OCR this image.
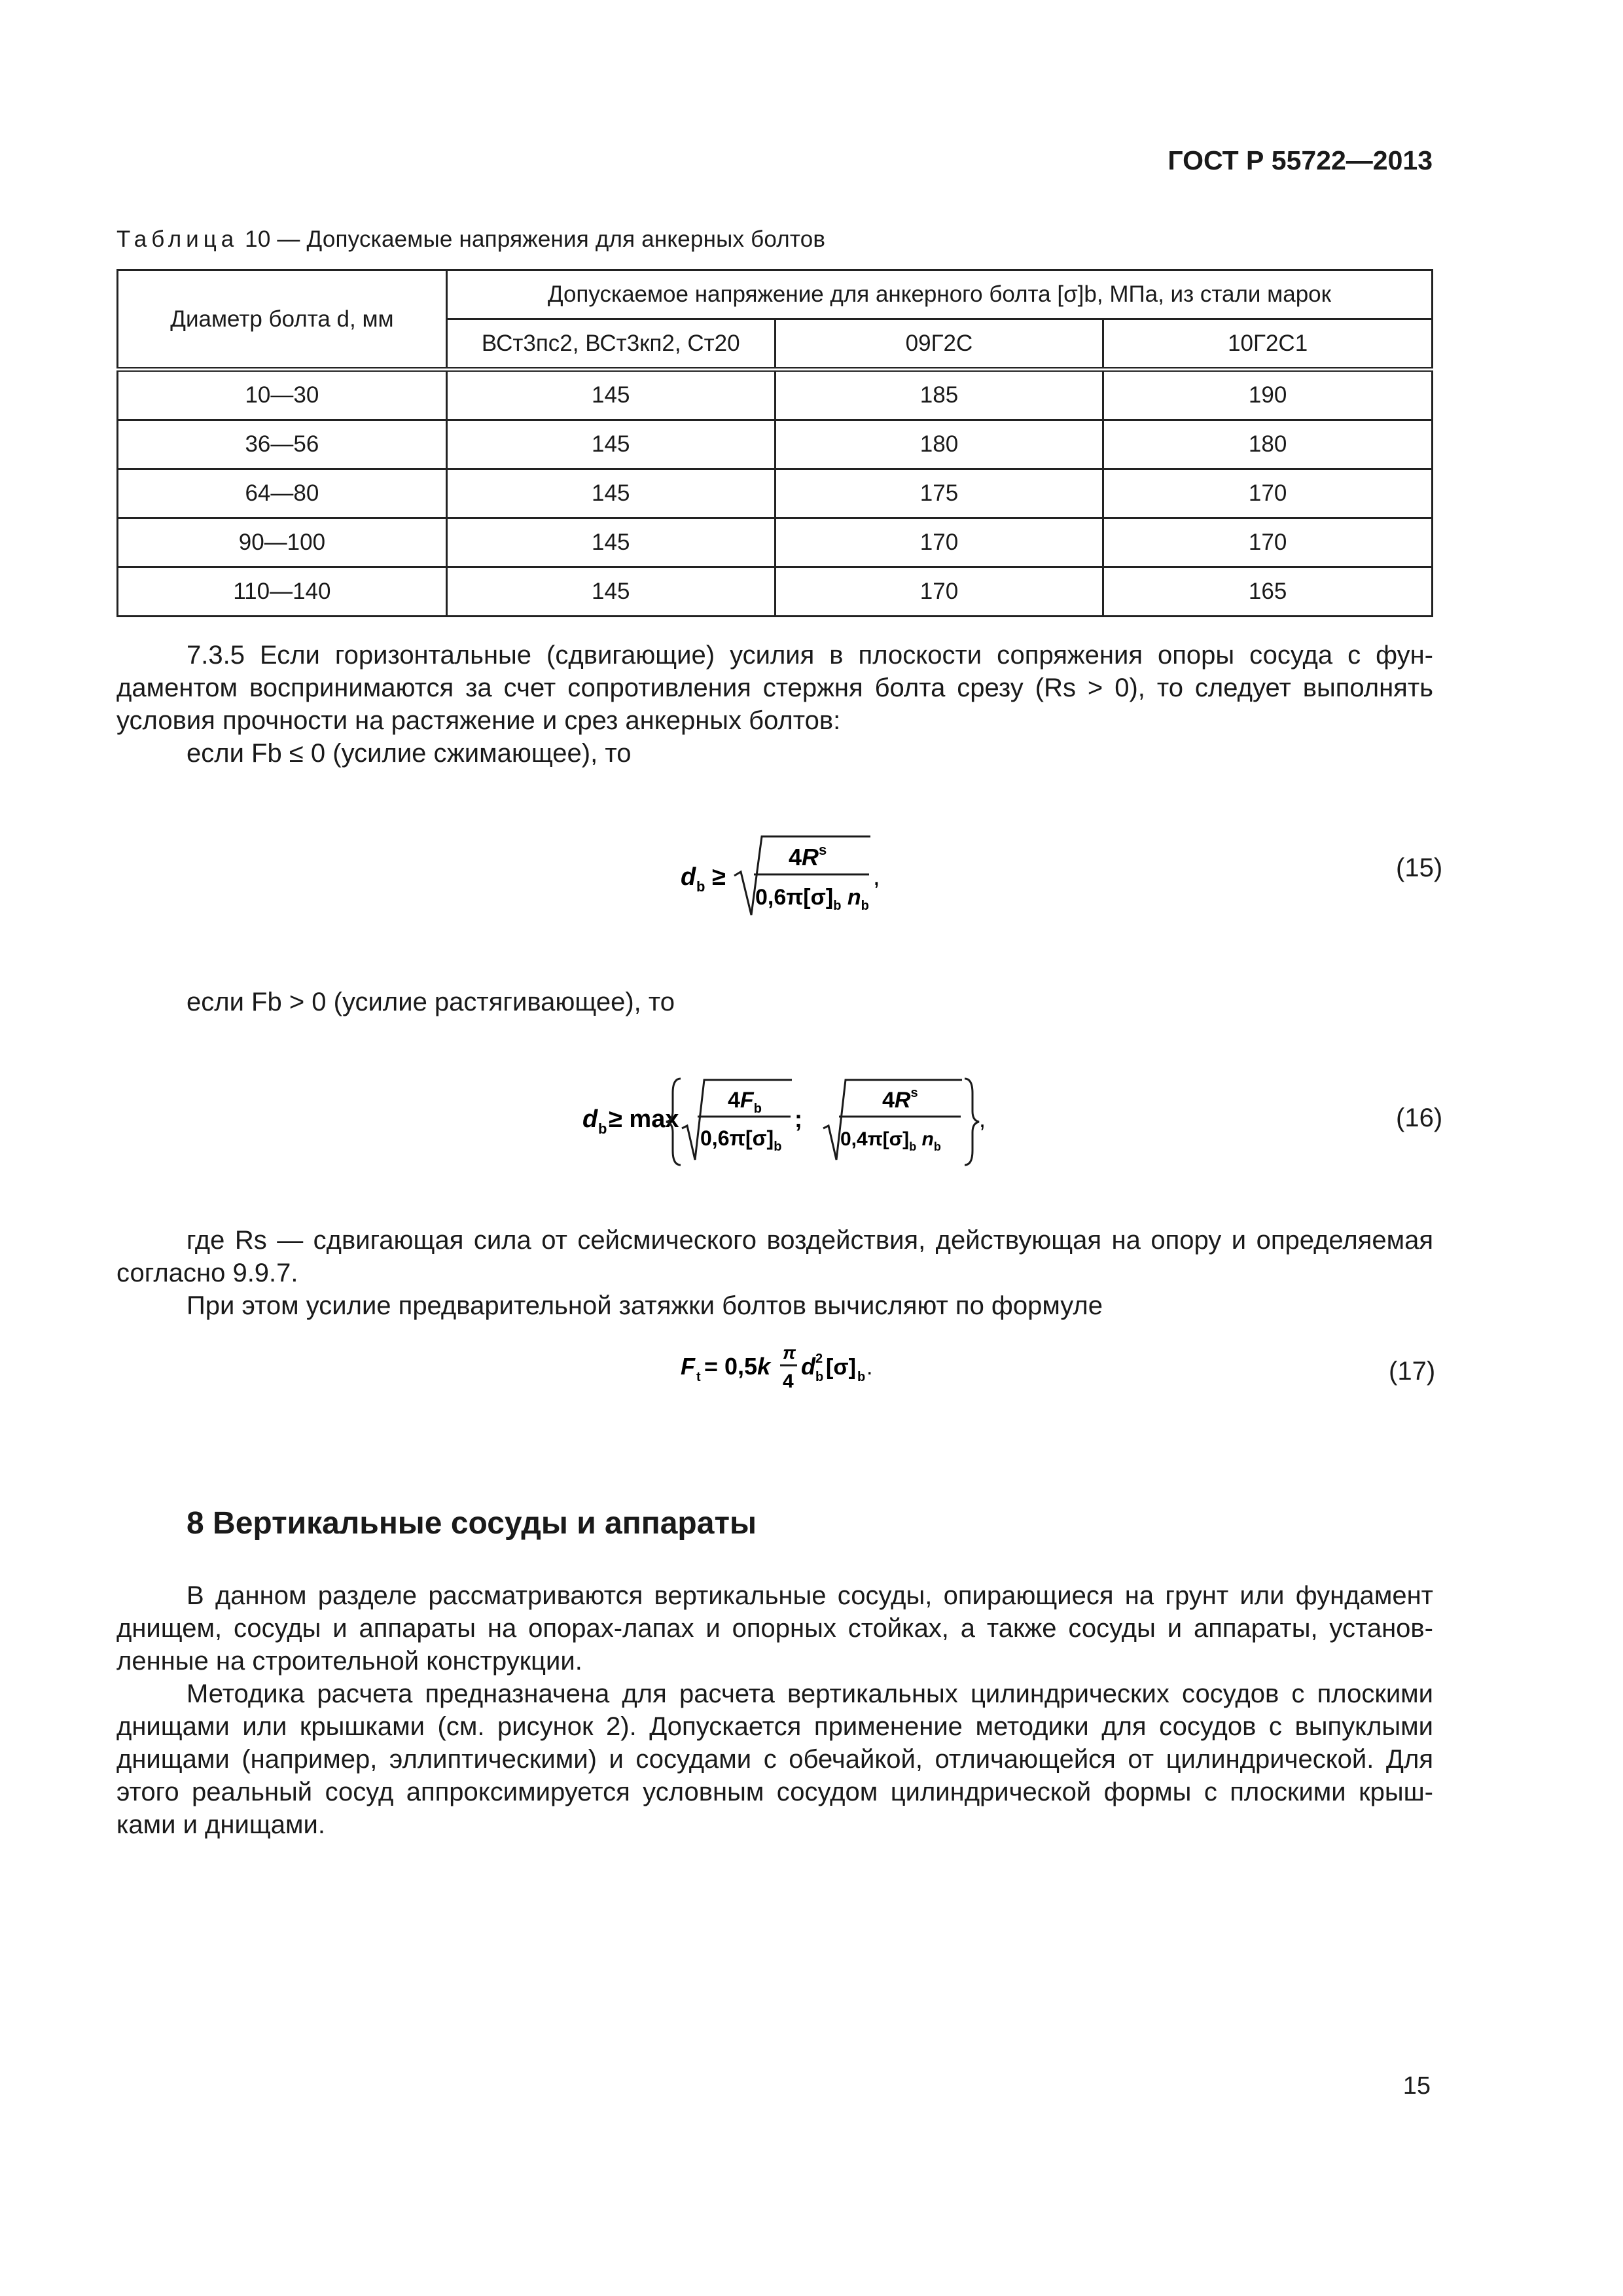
ГОСТ Р 55722—2013
Таблица 10 — Допускаемые напряжения для анкерных болтов
Диаметр болта d, мм	Допускаемое напряжение для анкерного болта [σ]b, МПа, из стали марок		
	ВСт3пс2, ВСт3кп2, Ст20	09Г2С	10Г2С1
10—30	145	185	190
36—56	145	180	180
64—80	145	175	170
90—100	145	170	170
110—140	145	170	165
7.3.5 Если горизонтальные (сдвигающие) усилия в плоскости сопряжения опоры сосуда с фун-
даментом воспринимаются за счет сопротивления стержня болта срезу (Rs > 0), то следует выполнять
условия прочности на растяжение и срез анкерных болтов:
если Fb ≤ 0 (усилие сжимающее), то
d b ≥
$4R^s$
$0,6\pi[\sigma]_b$ $n_b$
,	(15)
если Fb > 0 (усилие растягивающее), то
d b ≥ max
$4F_b$
$0,6\pi[\sigma]_b$
;
$4R^s$
$0,4\pi[\sigma]_b$ $n_b$
,	(16)
где Rs — сдвигающая сила от сейсмического воздействия, действующая на опору и определяемая
согласно 9.9.7.
При этом усилие предварительной затяжки болтов вычисляют по формуле
F t = 0,5k
π
4
d 2
b [σ] b .	(17)
8 Вертикальные сосуды и аппараты
В данном разделе рассматриваются вертикальные сосуды, опирающиеся на грунт или фундамент
днищем, сосуды и аппараты на опорах-лапах и опорных стойках, а также сосуды и аппараты, установ-
ленные на строительной конструкции.
Методика расчета предназначена для расчета вертикальных цилиндрических сосудов с плоскими
днищами или крышками (см. рисунок 2). Допускается применение методики для сосудов с выпуклыми
днищами (например, эллиптическими) и сосудами с обечайкой, отличающейся от цилиндрической. Для
этого реальный сосуд аппроксимируется условным сосудом цилиндрической формы с плоскими крыш-
ками и днищами.
15
